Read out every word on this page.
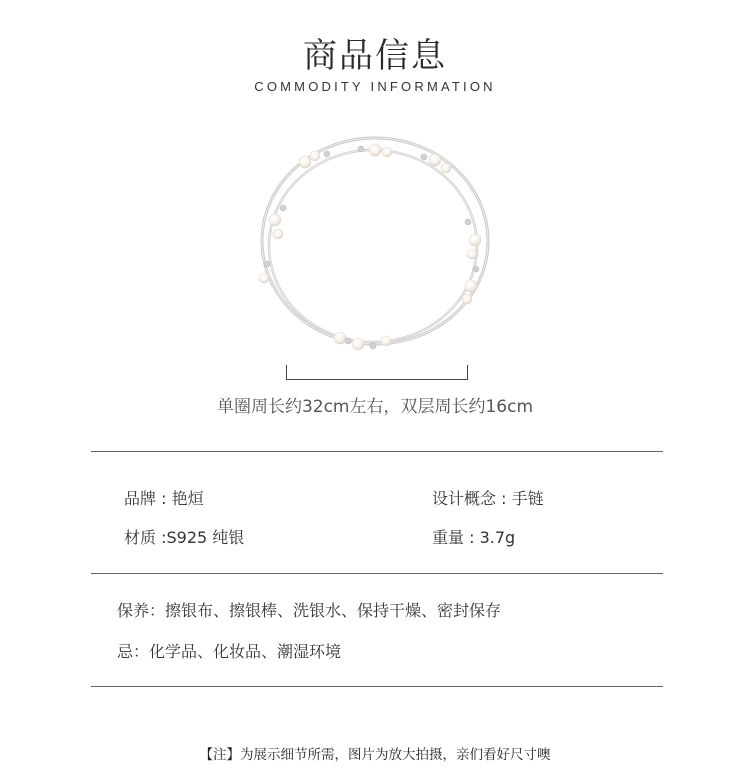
商品信息
COMMODITY INFORMATION
单圈周长约32cm左右，双层周长约16cm
品牌 : 艳烜	设计概念 : 手链
材质 :S925 纯银	重量 : 3.7g
保养：擦银布、擦银棒、洗银水、保持干燥、密封保存
忌：化学品、化妆品、潮湿环境
【注】为展示细节所需，图片为放大拍摄，亲们看好尺寸噢
